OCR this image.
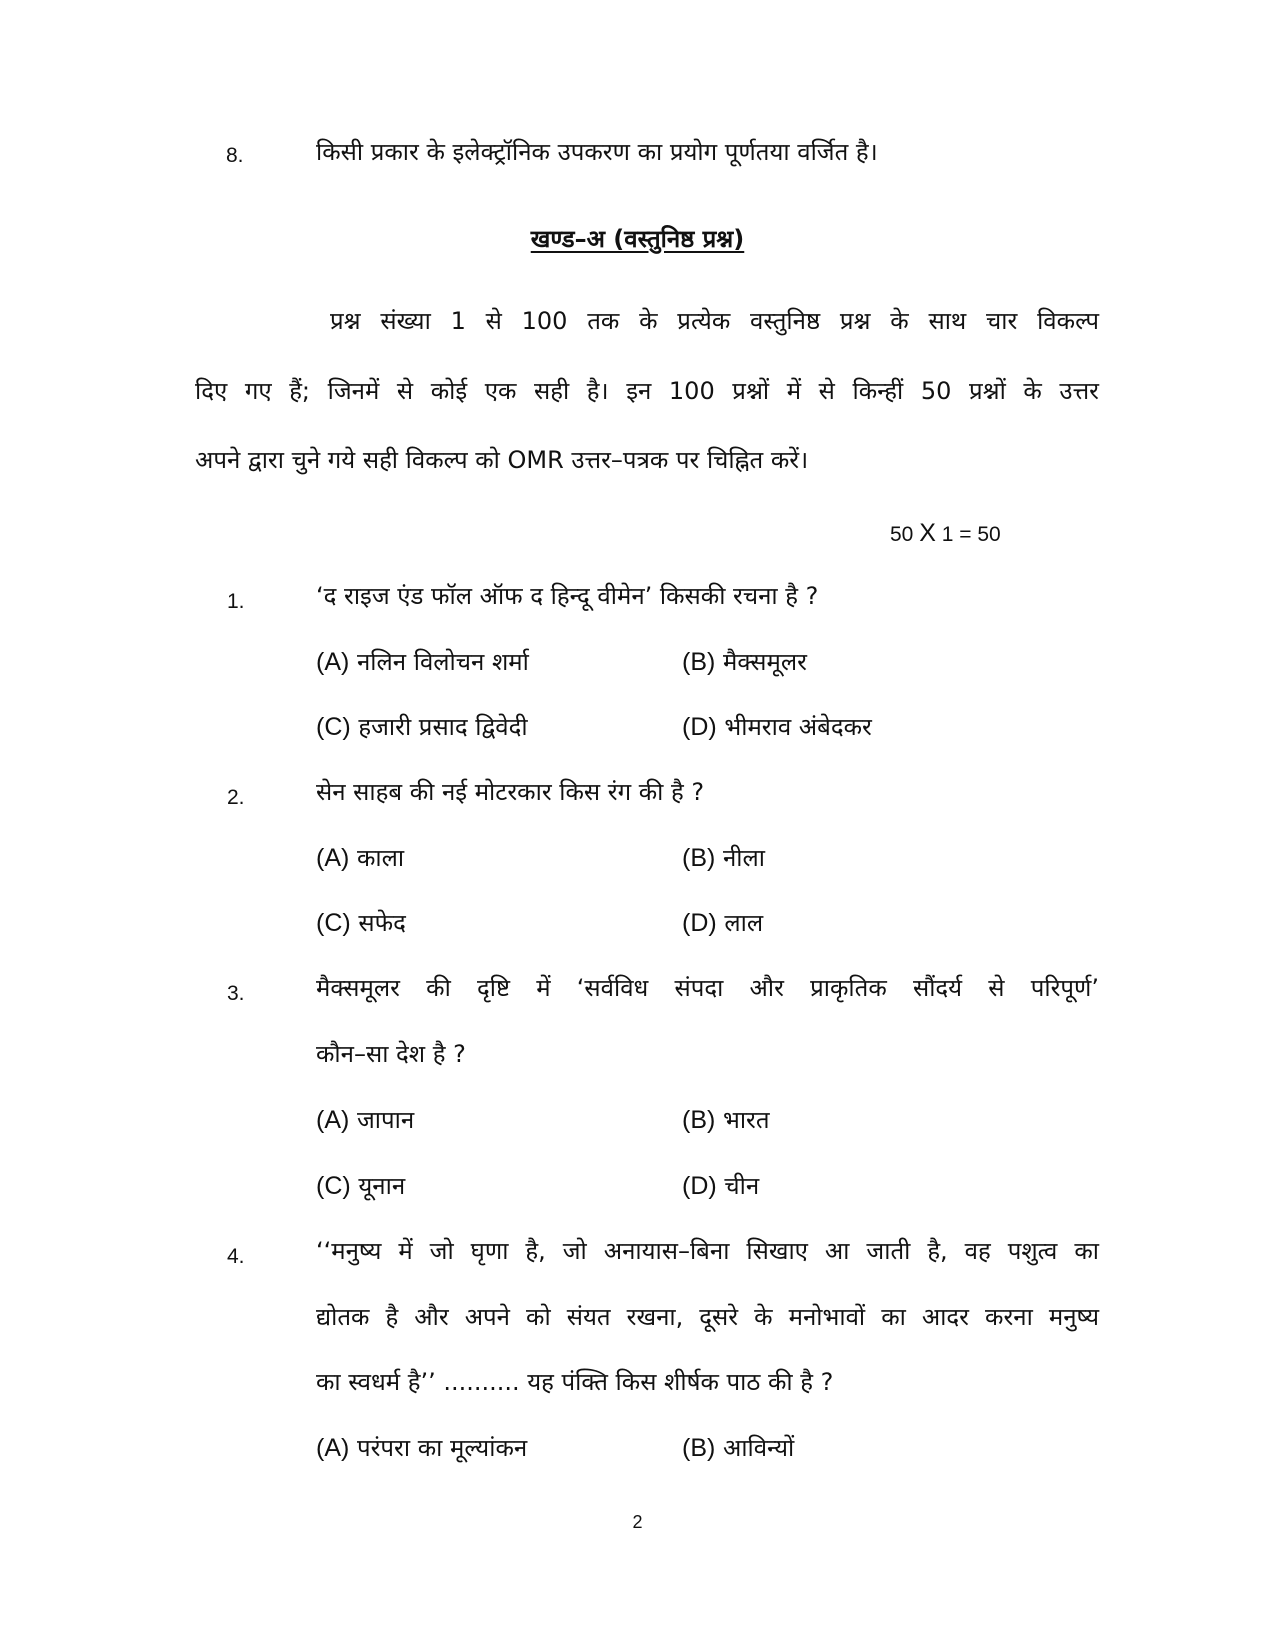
8.	किसी प्रकार के इलेक्ट्रॉनिक उपकरण का प्रयोग पूर्णतया वर्जित है।
खण्ड–अ (वस्तुनिष्ठ प्रश्न)
प्रश्न संख्या 1 से 100 तक के प्रत्येक वस्तुनिष्ठ प्रश्न के साथ चार विकल्प
दिए गए हैं; जिनमें से कोई एक सही है। इन 100 प्रश्नों में से किन्हीं 50 प्रश्नों के उत्तर
अपने द्वारा चुने गये सही विकल्प को OMR उत्तर–पत्रक पर चिह्नित करें।
50 X 1 = 50
1.	‘द राइज एंड फॉल ऑफ द हिन्दू वीमेन’ किसकी रचना है ?
(A) नलिन विलोचन शर्मा	(B) मैक्समूलर
(C) हजारी प्रसाद द्विवेदी	(D) भीमराव अंबेदकर
2.	सेन साहब की नई मोटरकार किस रंग की है ?
(A) काला	(B) नीला
(C) सफेद	(D) लाल
3.	मैक्समूलर की दृष्टि में ‘सर्वविध संपदा और प्राकृतिक सौंदर्य से परिपूर्ण’
कौन–सा देश है ?
(A) जापान	(B) भारत
(C) यूनान	(D) चीन
4.	‘‘मनुष्य में जो घृणा है, जो अनायास–बिना सिखाए आ जाती है, वह पशुत्व का
द्योतक है और अपने को संयत रखना, दूसरे के मनोभावों का आदर करना मनुष्य
का स्वधर्म है’’ .......... यह पंक्ति किस शीर्षक पाठ की है ?
(A) परंपरा का मूल्यांकन	(B) आविन्यों
2
